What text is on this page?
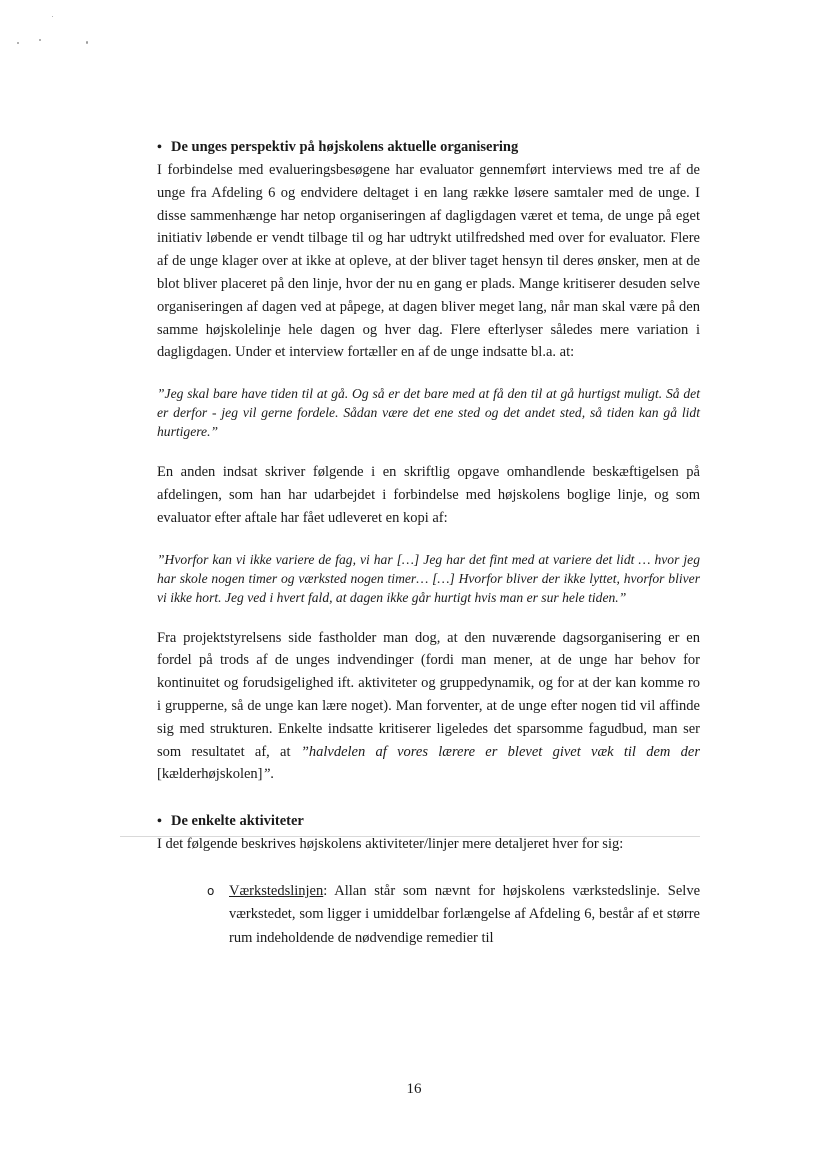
• De unges perspektiv på højskolens aktuelle organisering

I forbindelse med evalueringsbesøgene har evaluator gennemført interviews med tre af de unge fra Afdeling 6 og endvidere deltaget i en lang række løsere samtaler med de unge. I disse sammenhænge har netop organiseringen af dagligdagen været et tema, de unge på eget initiativ løbende er vendt tilbage til og har udtrykt utilfredshed med over for evaluator. Flere af de unge klager over at ikke at opleve, at der bliver taget hensyn til deres ønsker, men at de blot bliver placeret på den linje, hvor der nu en gang er plads. Mange kritiserer desuden selve organiseringen af dagen ved at påpege, at dagen bliver meget lang, når man skal være på den samme højskolelinje hele dagen og hver dag. Flere efterlyser således mere variation i dagligdagen. Under et interview fortæller en af de unge indsatte bl.a. at:

”Jeg skal bare have tiden til at gå. Og så er det bare med at få den til at gå hurtigst muligt. Så det er derfor - jeg vil gerne fordele. Sådan være det ene sted og det andet sted, så tiden kan gå lidt hurtigere.”

En anden indsat skriver følgende i en skriftlig opgave omhandlende beskæftigelsen på afdelingen, som han har udarbejdet i forbindelse med højskolens boglige linje, og som evaluator efter aftale har fået udleveret en kopi af:

”Hvorfor kan vi ikke variere de fag, vi har […] Jeg har det fint med at variere det lidt … hvor jeg har skole nogen timer og værksted nogen timer… […] Hvorfor bliver der ikke lyttet, hvorfor bliver vi ikke hort. Jeg ved i hvert fald, at dagen ikke går hurtigt hvis man er sur hele tiden.”

Fra projektstyrelsens side fastholder man dog, at den nuværende dagsorganisering er en fordel på trods af de unges indvendinger (fordi man mener, at de unge har behov for kontinuitet og forudsigelighed ift. aktiviteter og gruppedynamik, og for at der kan komme ro i grupperne, så de unge kan lære noget). Man forventer, at de unge efter nogen tid vil affinde sig med strukturen. Enkelte indsatte kritiserer ligeledes det sparsomme fagudbud, man ser som resultatet af, at ”halvdelen af vores lærere er blevet givet væk til dem der [kælderhøjskolen]”.

• De enkelte aktiviteter

I det følgende beskrives højskolens aktiviteter/linjer mere detaljeret hver for sig:

o Værkstedslinjen: Allan står som nævnt for højskolens værkstedslinje. Selve værkstedet, som ligger i umiddelbar forlængelse af Afdeling 6, består af et større rum indeholdende de nødvendige remedier til
16
